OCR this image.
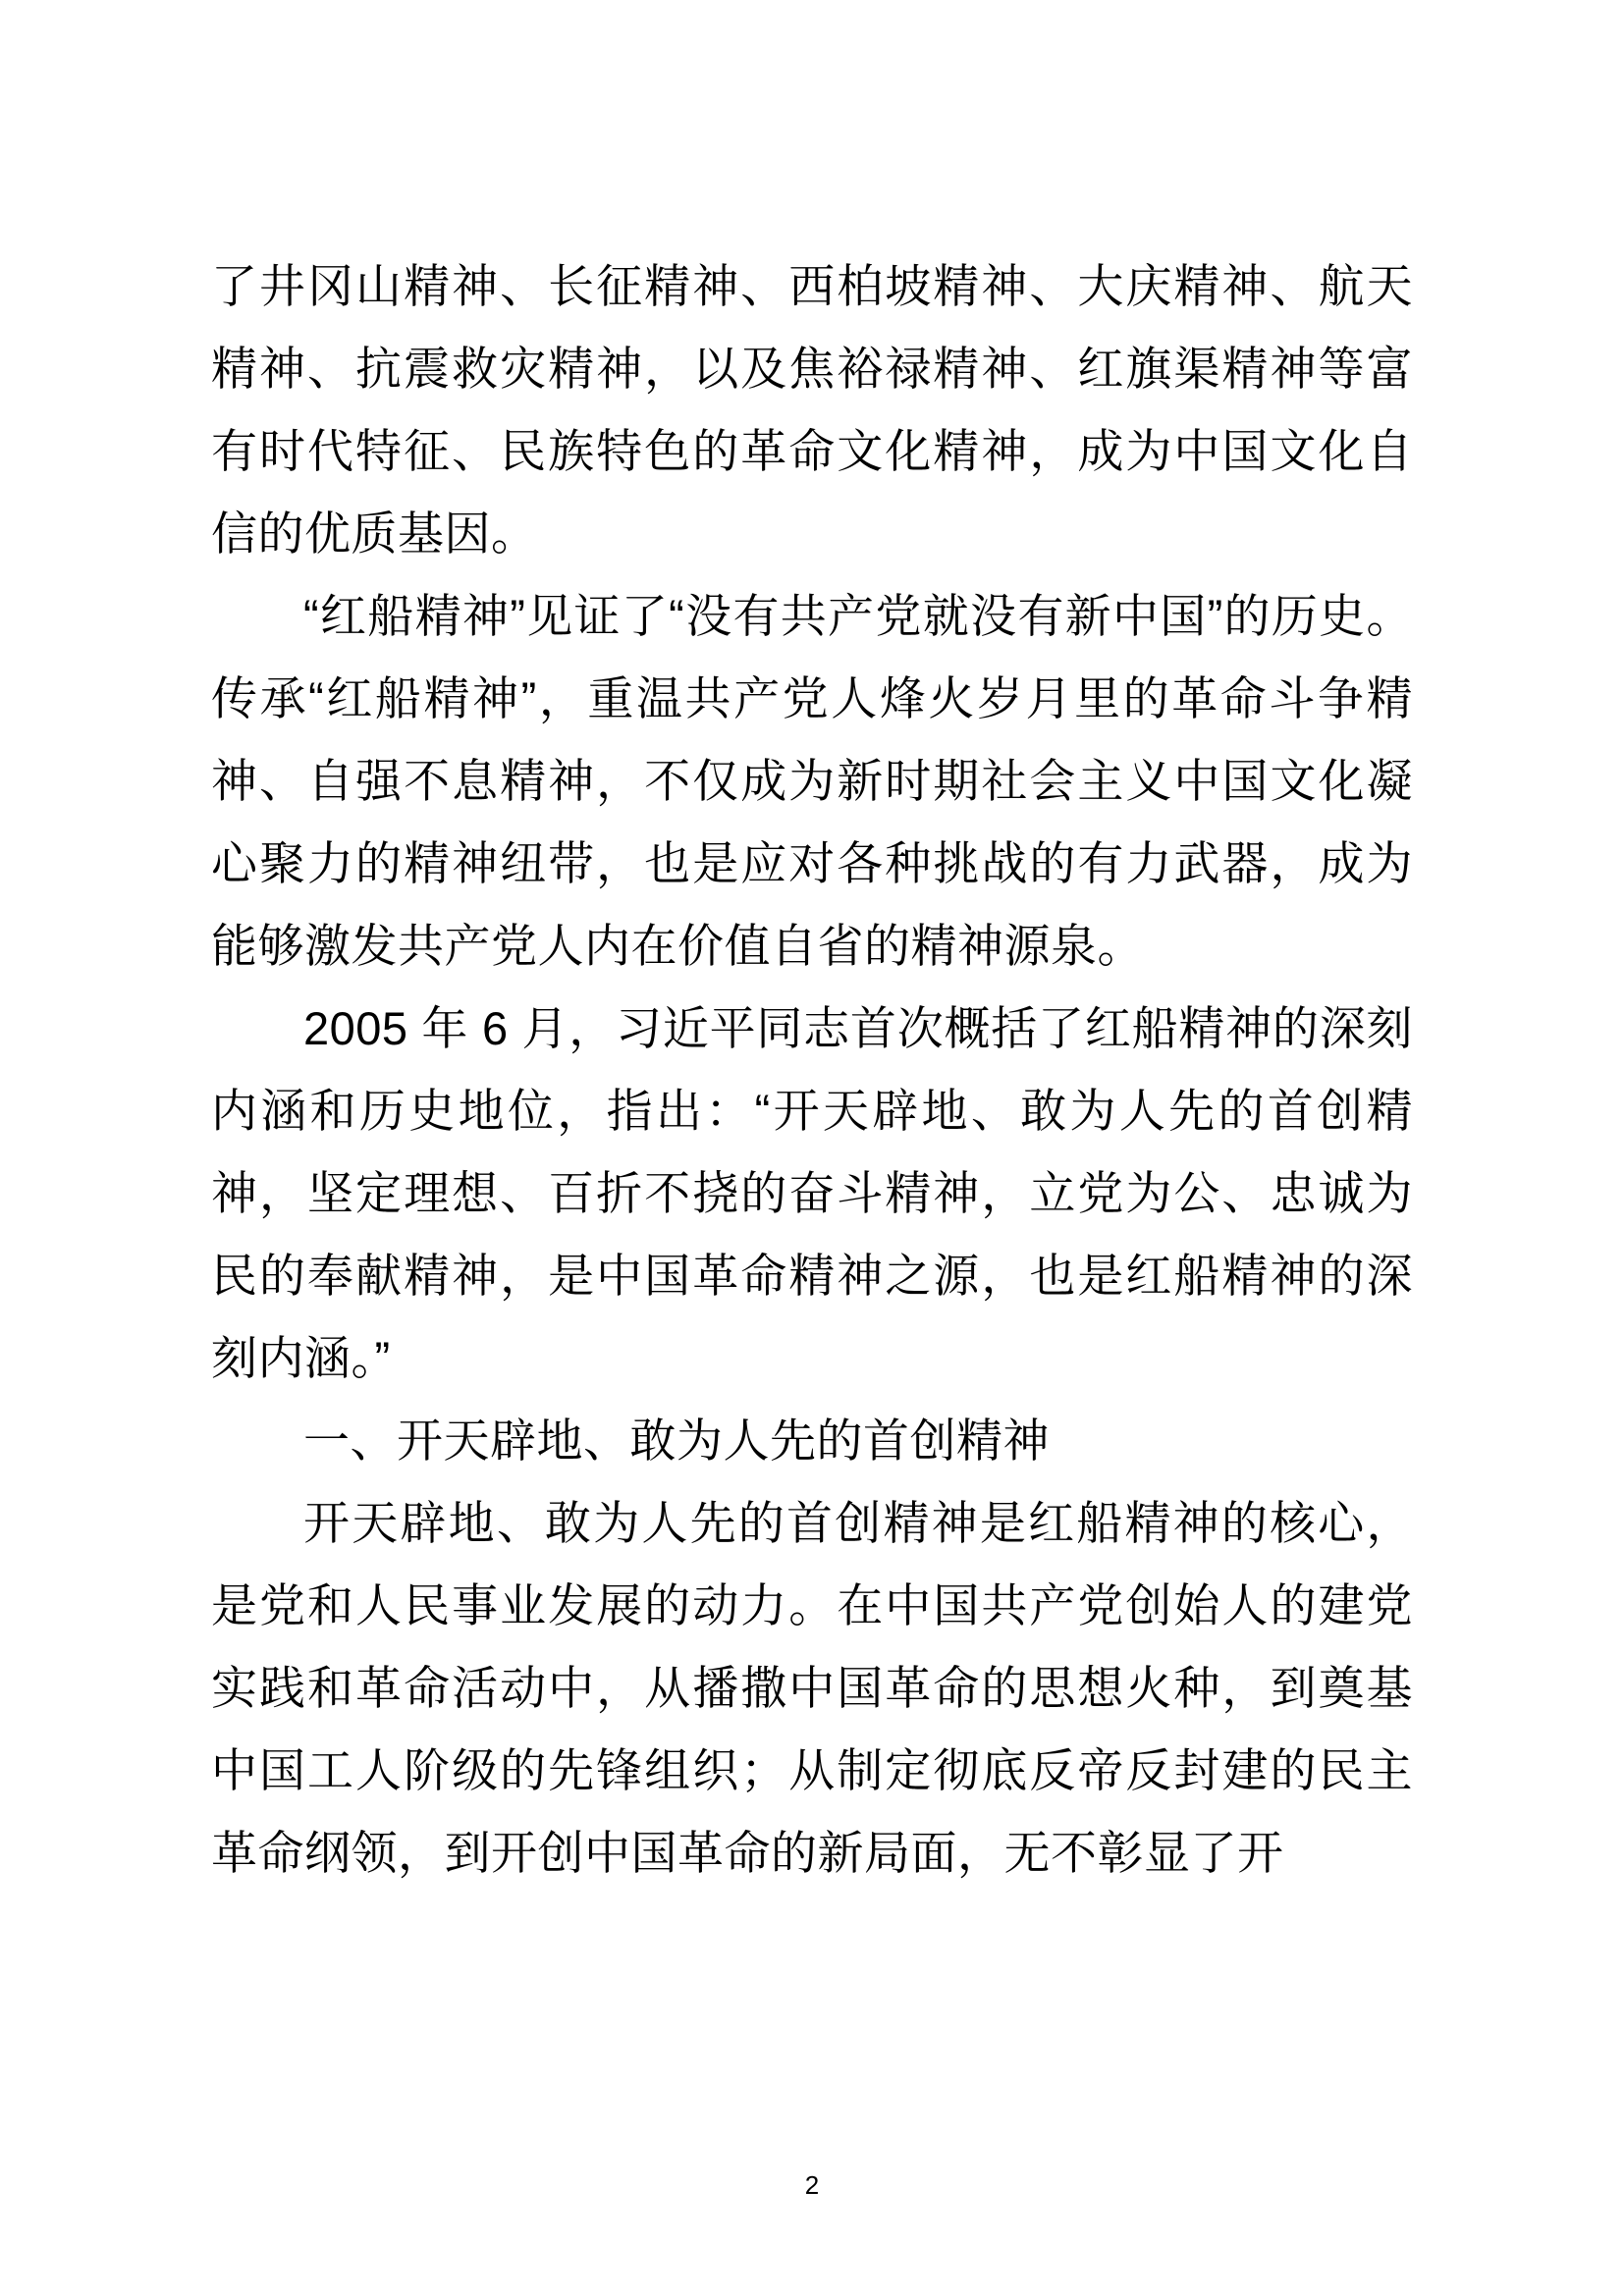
了井冈山精神、长征精神、西柏坡精神、大庆精神、航天精神、抗震救灾精神，以及焦裕禄精神、红旗渠精神等富有时代特征、民族特色的革命文化精神，成为中国文化自信的优质基因。

“红船精神”见证了“没有共产党就没有新中国”的历史。传承“红船精神”，重温共产党人烽火岁月里的革命斗争精神、自强不息精神，不仅成为新时期社会主义中国文化凝心聚力的精神纽带，也是应对各种挑战的有力武器，成为能够激发共产党人内在价值自省的精神源泉。

2005 年 6 月，习近平同志首次概括了红船精神的深刻内涵和历史地位，指出：“开天辟地、敢为人先的首创精神，坚定理想、百折不挠的奋斗精神，立党为公、忠诚为民的奉献精神，是中国革命精神之源，也是红船精神的深刻内涵。”

一、开天辟地、敢为人先的首创精神

开天辟地、敢为人先的首创精神是红船精神的核心，是党和人民事业发展的动力。在中国共产党创始人的建党实践和革命活动中，从播撒中国革命的思想火种，到奠基中国工人阶级的先锋组织；从制定彻底反帝反封建的民主革命纲领，到开创中国革命的新局面，无不彰显了开

2
